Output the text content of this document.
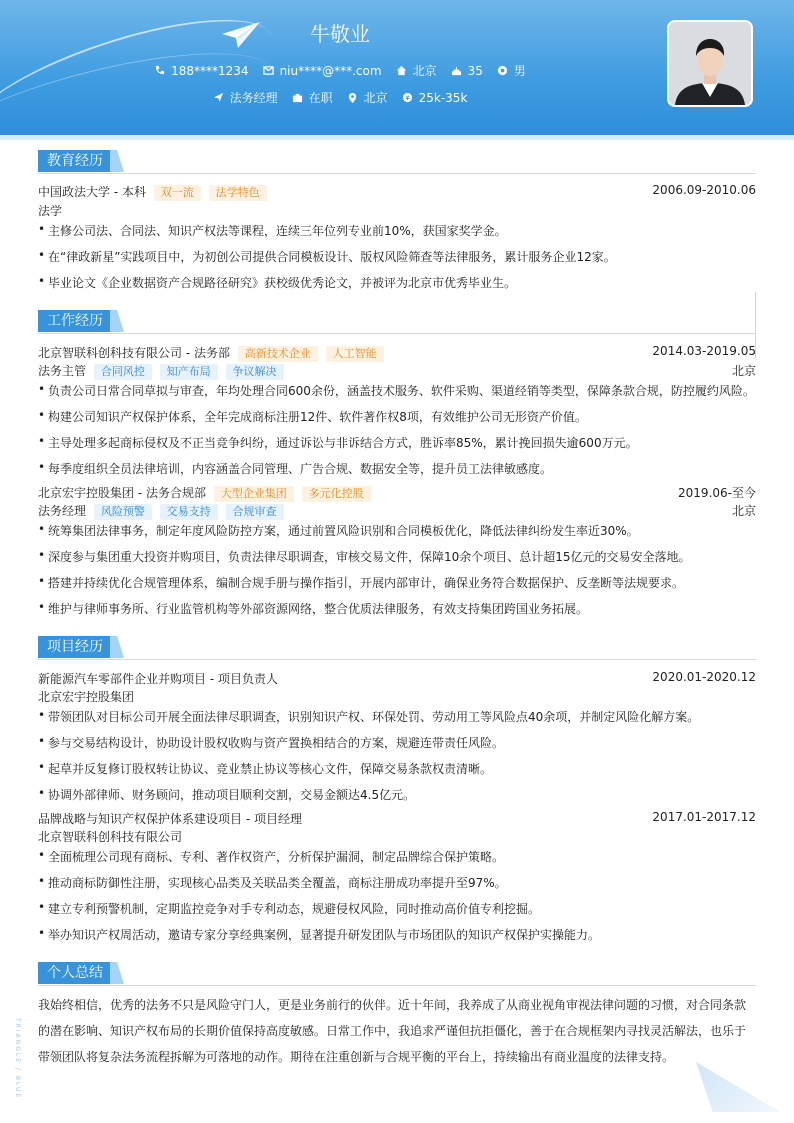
牛敬业
188****1234	niu****@***.com	北京	35	男
法务经理	在职	北京	25k-35k
教育经历
中国政法大学 - 本科 双一流 法学特色	2006.09-2010.06
法学
• 主修公司法、合同法、知识产权法等课程，连续三年位列专业前10%，获国家奖学金。
• 在“律政新星”实践项目中，为初创公司提供合同模板设计、版权风险筛查等法律服务，累计服务企业12家。
• 毕业论文《企业数据资产合规路径研究》获校级优秀论文，并被评为北京市优秀毕业生。
工作经历
北京智联科创科技有限公司 - 法务部 高新技术企业 人工智能	2014.03-2019.05
法务主管 合同风控 知产布局 争议解决	北京
• 负责公司日常合同草拟与审查，年均处理合同600余份，涵盖技术服务、软件采购、渠道经销等类型，保障条款合规，防控履约风险。
• 构建公司知识产权保护体系，全年完成商标注册12件、软件著作权8项，有效维护公司无形资产价值。
• 主导处理多起商标侵权及不正当竞争纠纷，通过诉讼与非诉结合方式，胜诉率85%，累计挽回损失逾600万元。
• 每季度组织全员法律培训，内容涵盖合同管理、广告合规、数据安全等，提升员工法律敏感度。
北京宏宇控股集团 - 法务合规部 大型企业集团 多元化控股	2019.06-至今
法务经理 风险预警 交易支持 合规审查	北京
• 统筹集团法律事务，制定年度风险防控方案，通过前置风险识别和合同模板优化，降低法律纠纷发生率近30%。
• 深度参与集团重大投资并购项目，负责法律尽职调查，审核交易文件，保障10余个项目、总计超15亿元的交易安全落地。
• 搭建并持续优化合规管理体系，编制合规手册与操作指引，开展内部审计，确保业务符合数据保护、反垄断等法规要求。
• 维护与律师事务所、行业监管机构等外部资源网络，整合优质法律服务，有效支持集团跨国业务拓展。
项目经历
新能源汽车零部件企业并购项目 - 项目负责人	2020.01-2020.12
北京宏宇控股集团
• 带领团队对目标公司开展全面法律尽职调查，识别知识产权、环保处罚、劳动用工等风险点40余项，并制定风险化解方案。
• 参与交易结构设计，协助设计股权收购与资产置换相结合的方案，规避连带责任风险。
• 起草并反复修订股权转让协议、竞业禁止协议等核心文件，保障交易条款权责清晰。
• 协调外部律师、财务顾问，推动项目顺利交割，交易金额达4.5亿元。
品牌战略与知识产权保护体系建设项目 - 项目经理	2017.01-2017.12
北京智联科创科技有限公司
• 全面梳理公司现有商标、专利、著作权资产，分析保护漏洞，制定品牌综合保护策略。
• 推动商标防御性注册，实现核心品类及关联品类全覆盖，商标注册成功率提升至97%。
• 建立专利预警机制，定期监控竞争对手专利动态，规避侵权风险，同时推动高价值专利挖掘。
• 举办知识产权周活动，邀请专家分享经典案例，显著提升研发团队与市场团队的知识产权保护实操能力。
个人总结
我始终相信，优秀的法务不只是风险守门人，更是业务前行的伙伴。近十年间，我养成了从商业视角审视法律问题的习惯，对合同条款的潜在影响、知识产权布局的长期价值保持高度敏感。日常工作中，我追求严谨但抗拒僵化，善于在合规框架内寻找灵活解法，也乐于带领团队将复杂法务流程拆解为可落地的动作。期待在注重创新与合规平衡的平台上，持续输出有商业温度的法律支持。
TRIANGLE / BLUE
